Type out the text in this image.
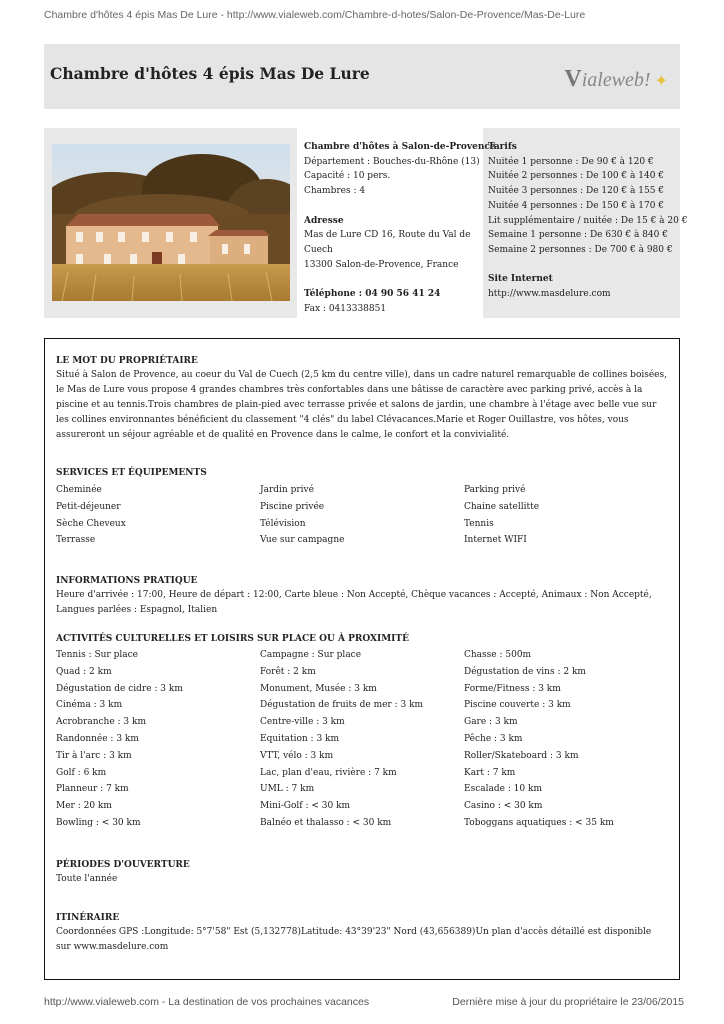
Chambre d'hôtes 4 épis Mas De Lure - http://www.vialeweb.com/Chambre-d-hotes/Salon-De-Provence/Mas-De-Lure
Chambre d'hôtes 4 épis Mas De Lure	Vialeweb! ✦
Chambre d'hôtes à Salon-de-Provence
Département : Bouches-du-Rhône (13)
Capacité : 10 pers.
Chambres : 4
Adresse
Mas de Lure CD 16, Route du Val de
Cuech
13300 Salon-de-Provence, France
Téléphone : 04 90 56 41 24
Fax : 0413338851
Tarifs
Nuitée 1 personne : De 90 € à 120 €
Nuitée 2 personnes : De 100 € à 140 €
Nuitée 3 personnes : De 120 € à 155 €
Nuitée 4 personnes : De 150 € à 170 €
Lit supplémentaire / nuitée : De 15 € à 20 €
Semaine 1 personne : De 630 € à 840 €
Semaine 2 personnes : De 700 € à 980 €
Site Internet
http://www.masdelure.com
LE MOT DU PROPRIÉTAIRE

Situé à Salon de Provence, au coeur du Val de Cuech (2,5 km du centre ville), dans un cadre naturel remarquable de collines boisées, le Mas de Lure vous propose 4 grandes chambres très confortables dans une bâtisse de caractère avec parking privé, accès à la piscine et au tennis.Trois chambres de plain-pied avec terrasse privée et salons de jardin, une chambre à l'étage avec belle vue sur les collines environnantes bénéficient du classement "4 clés" du label Clévacances.Marie et Roger Ouillastre, vos hôtes, vous assureront un séjour agréable et de qualité en Provence dans le calme, le confort et la convivialité.

SERVICES ET ÉQUIPEMENTS
Cheminée	Jardin privé	Parking privé
Petit-déjeuner	Piscine privée	Chaine satellitte
Sèche Cheveux	Télévision	Tennis
Terrasse	Vue sur campagne	Internet WIFI
INFORMATIONS PRATIQUE

Heure d'arrivée : 17:00, Heure de départ : 12:00, Carte bleue : Non Accepté, Chèque vacances : Accepté, Animaux : Non Accepté, Langues parlées : Espagnol, Italien

ACTIVITÉS CULTURELLES ET LOISIRS SUR PLACE OU À PROXIMITÉ
Tennis : Sur place	Campagne : Sur place	Chasse : 500m
Quad : 2 km	Forêt : 2 km	Dégustation de vins : 2 km
Dégustation de cidre : 3 km	Monument, Musée : 3 km	Forme/Fitness : 3 km
Cinéma : 3 km	Dégustation de fruits de mer : 3 km	Piscine couverte : 3 km
Acrobranche : 3 km	Centre-ville : 3 km	Gare : 3 km
Randonnée : 3 km	Equitation : 3 km	Pêche : 3 km
Tir à l'arc : 3 km	VTT, vélo : 3 km	Roller/Skateboard : 3 km
Golf : 6 km	Lac, plan d'eau, rivière : 7 km	Kart : 7 km
Planneur : 7 km	UML : 7 km	Escalade : 10 km
Mer : 20 km	Mini-Golf : < 30 km	Casino : < 30 km
Bowling : < 30 km	Balnéo et thalasso : < 30 km	Toboggans aquatiques : < 35 km
PÉRIODES D'OUVERTURE

Toute l'année

ITINÉRAIRE

Coordonnées GPS :Longitude: 5°7'58" Est (5,132778)Latitude: 43°39'23" Nord (43,656389)Un plan d'accès détaillé est disponible sur www.masdelure.com

http://www.vialeweb.com - La destination de vos prochaines vacances	Dernière mise à jour du propriétaire le 23/06/2015
